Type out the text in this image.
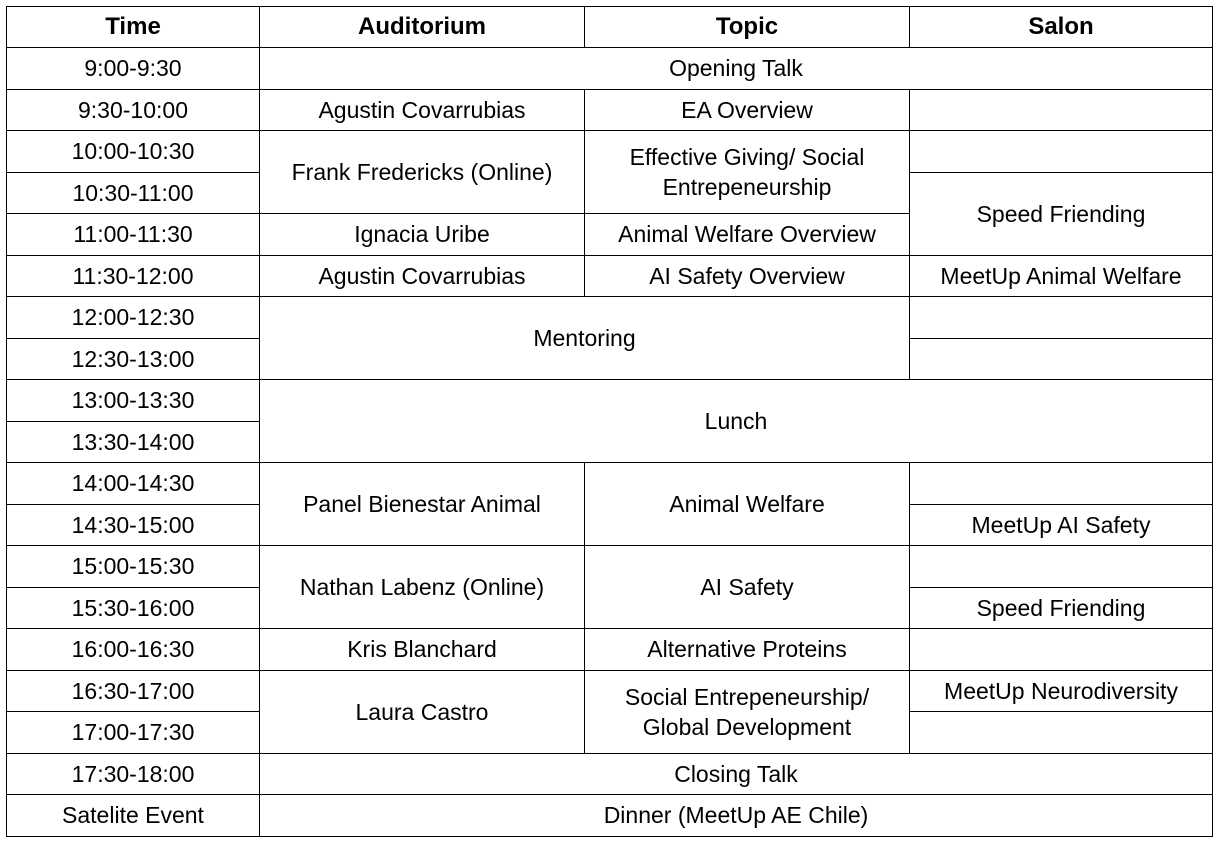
Time	Auditorium	Topic	Salon
9:00-9:30	Opening Talk		
9:30-10:00	Agustin Covarrubias	EA Overview	
10:00-10:30	Frank Fredericks (Online)	Effective Giving/ Social
Entrepeneurship	
10:30-11:00			Speed Friending
11:00-11:30	Ignacia Uribe	Animal Welfare Overview	
11:30-12:00	Agustin Covarrubias	AI Safety Overview	MeetUp Animal Welfare
12:00-12:30	Mentoring		
12:30-13:00			
13:00-13:30	Lunch		
13:30-14:00			
14:00-14:30	Panel Bienestar Animal	Animal Welfare	
14:30-15:00			MeetUp AI Safety
15:00-15:30	Nathan Labenz (Online)	AI Safety	
15:30-16:00			Speed Friending
16:00-16:30	Kris Blanchard	Alternative Proteins	
16:30-17:00	Laura Castro	Social Entrepeneurship/
Global Development	MeetUp Neurodiversity
17:00-17:30			
17:30-18:00	Closing Talk		
Satelite Event	Dinner (MeetUp AE Chile)		
